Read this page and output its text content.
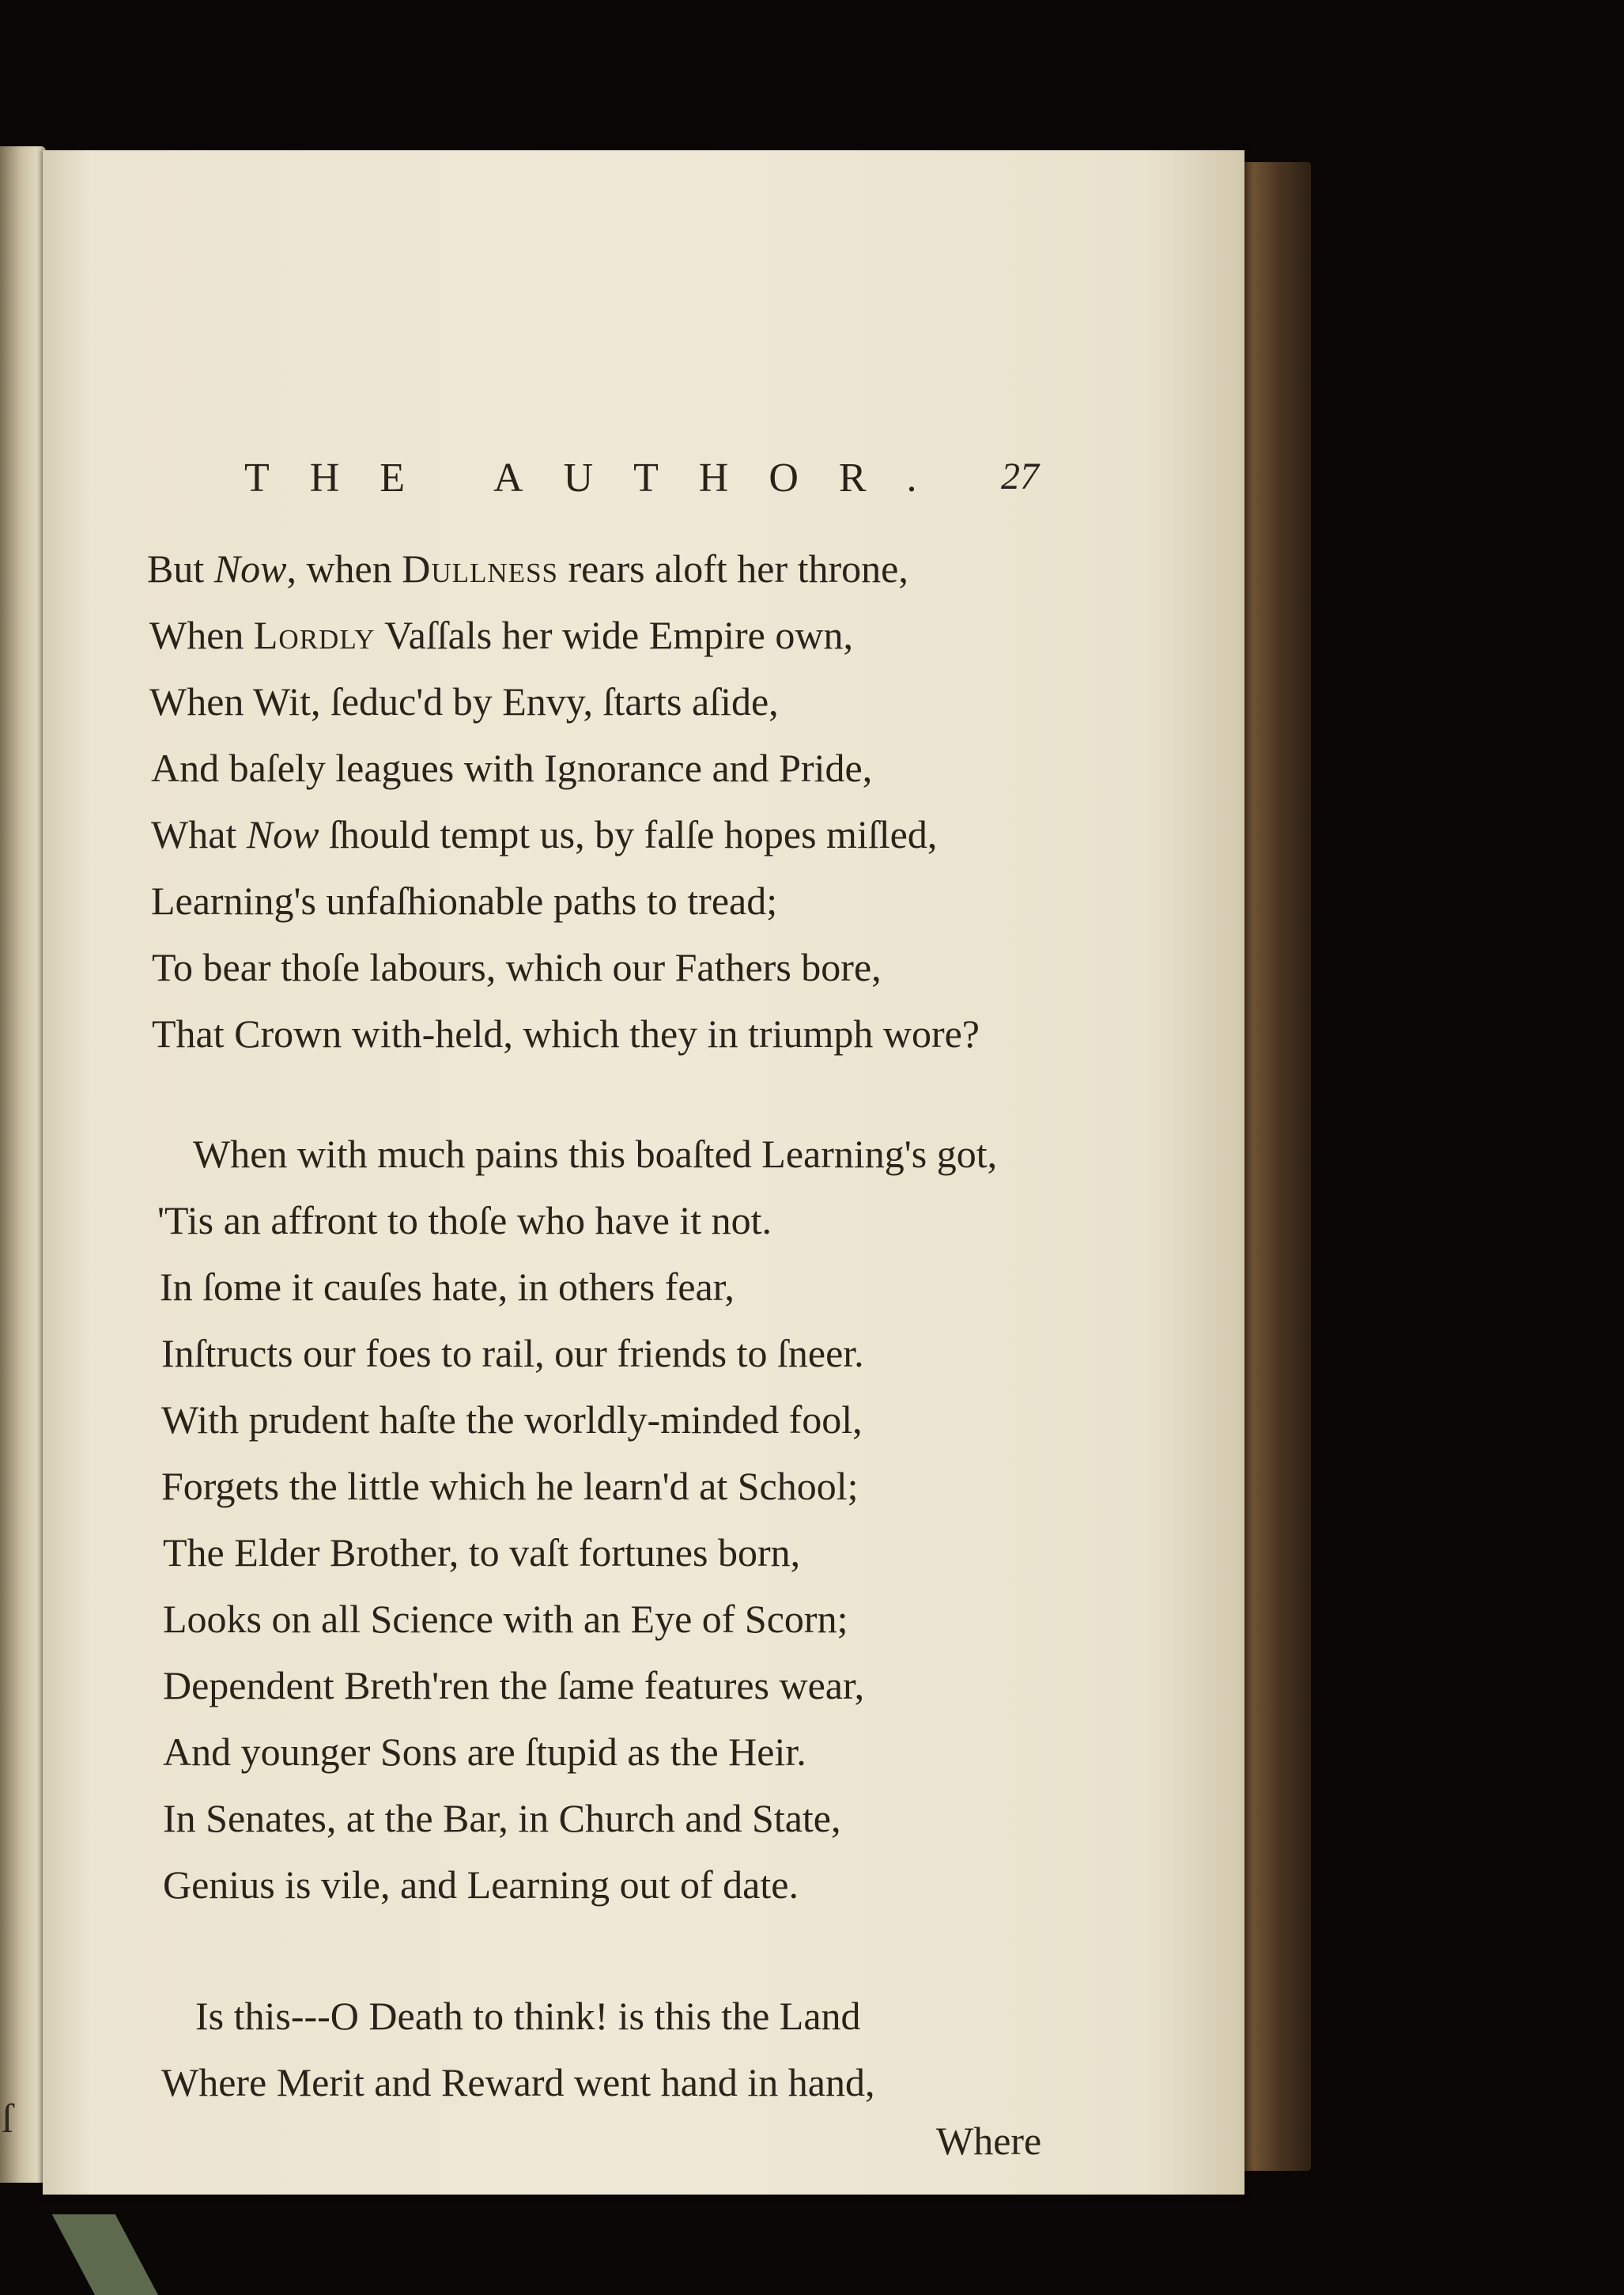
ſ
THE AUTHOR. 27
But Now, when Dullness rears aloft her throne,
When Lordly Vaſſals her wide Empire own,
When Wit, ſeduc'd by Envy, ſtarts aſide,
And baſely leagues with Ignorance and Pride,
What Now ſhould tempt us, by falſe hopes miſled,
Learning's unfaſhionable paths to tread;
To bear thoſe labours, which our Fathers bore,
That Crown with-held, which they in triumph wore?
When with much pains this boaſted Learning's got,
'Tis an affront to thoſe who have it not.
In ſome it cauſes hate, in others fear,
Inſtructs our foes to rail, our friends to ſneer.
With prudent haſte the worldly-minded fool,
Forgets the little which he learn'd at School;
The Elder Brother, to vaſt fortunes born,
Looks on all Science with an Eye of Scorn;
Dependent Breth'ren the ſame features wear,
And younger Sons are ſtupid as the Heir.
In Senates, at the Bar, in Church and State,
Genius is vile, and Learning out of date.
Is this---O Death to think! is this the Land
Where Merit and Reward went hand in hand,
Where
